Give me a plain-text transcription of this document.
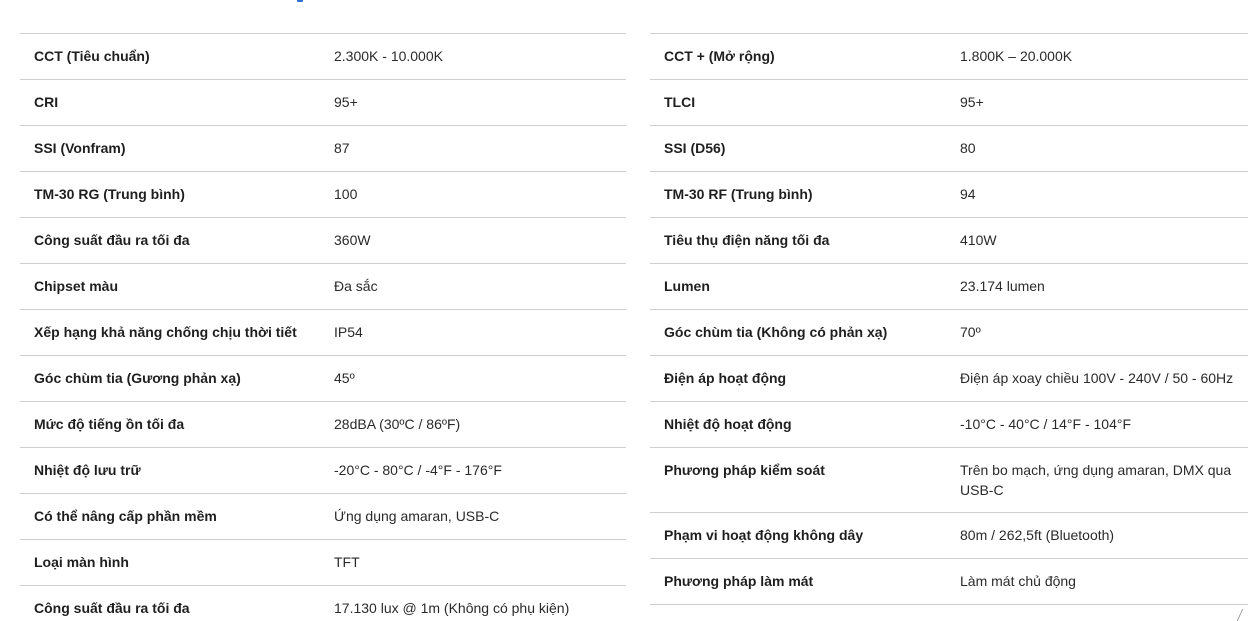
CCT (Tiêu chuẩn)	2.300K - 10.000K
CRI	95+
SSI (Vonfram)	87
TM-30 RG (Trung bình)	100
Công suất đầu ra tối đa	360W
Chipset màu	Đa sắc
Xếp hạng khả năng chống chịu thời tiết	IP54
Góc chùm tia (Gương phản xạ)	45º
Mức độ tiếng ồn tối đa	28dBA (30ºC / 86ºF)
Nhiệt độ lưu trữ	-20°C - 80°C / -4°F - 176°F
Có thể nâng cấp phần mềm	Ứng dụng amaran, USB-C
Loại màn hình	TFT
Công suất đầu ra tối đa	17.130 lux @ 1m (Không có phụ kiện)
CCT + (Mở rộng)	1.800K – 20.000K
TLCI	95+
SSI (D56)	80
TM-30 RF (Trung bình)	94
Tiêu thụ điện năng tối đa	410W
Lumen	23.174 lumen
Góc chùm tia (Không có phản xạ)	70º
Điện áp hoạt động	Điện áp xoay chiều 100V - 240V / 50 - 60Hz
Nhiệt độ hoạt động	-10°C - 40°C / 14°F - 104°F
Phương pháp kiểm soát	Trên bo mạch, ứng dụng amaran, DMX qua USB-C
Phạm vi hoạt động không dây	80m / 262,5ft (Bluetooth)
Phương pháp làm mát	Làm mát chủ động
